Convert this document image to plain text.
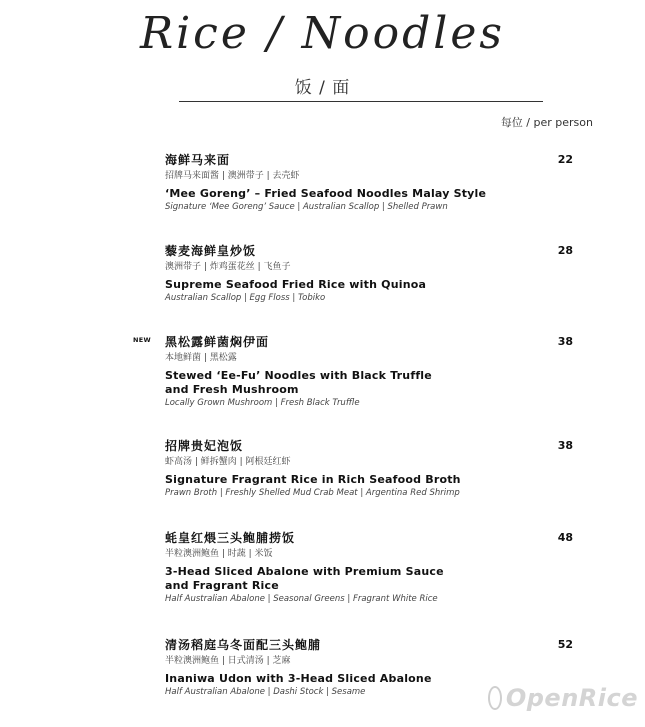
Rice / Noodles
饭 / 面
每位 / per person
海鲜马来面
招牌马来面酱 | 澳洲带子 | 去壳虾
‘Mee Goreng’ – Fried Seafood Noodles Malay Style
Signature ‘Mee Goreng’ Sauce | Australian Scallop | Shelled Prawn
22
藜麦海鲜皇炒饭
澳洲带子 | 炸鸡蛋花丝 | 飞鱼子
Supreme Seafood Fried Rice with Quinoa
Australian Scallop | Egg Floss | Tobiko
28
NEW 黑松露鲜菌焖伊面
本地鲜菌 | 黑松露
Stewed ‘Ee-Fu’ Noodles with Black Truffle
and Fresh Mushroom
Locally Grown Mushroom | Fresh Black Truffle
38
招牌贵妃泡饭
虾高汤 | 鲜拆蟹肉 | 阿根廷红虾
Signature Fragrant Rice in Rich Seafood Broth
Prawn Broth | Freshly Shelled Mud Crab Meat | Argentina Red Shrimp
38
蚝皇红煨三头鲍脯捞饭
半粒澳洲鲍鱼 | 时蔬 | 米饭
3-Head Sliced Abalone with Premium Sauce
and Fragrant Rice
Half Australian Abalone | Seasonal Greens | Fragrant White Rice
48
清汤稻庭乌冬面配三头鲍脯
半粒澳洲鲍鱼 | 日式清汤 | 芝麻
Inaniwa Udon with 3-Head Sliced Abalone
Half Australian Abalone | Dashi Stock | Sesame
52
OpenRice
